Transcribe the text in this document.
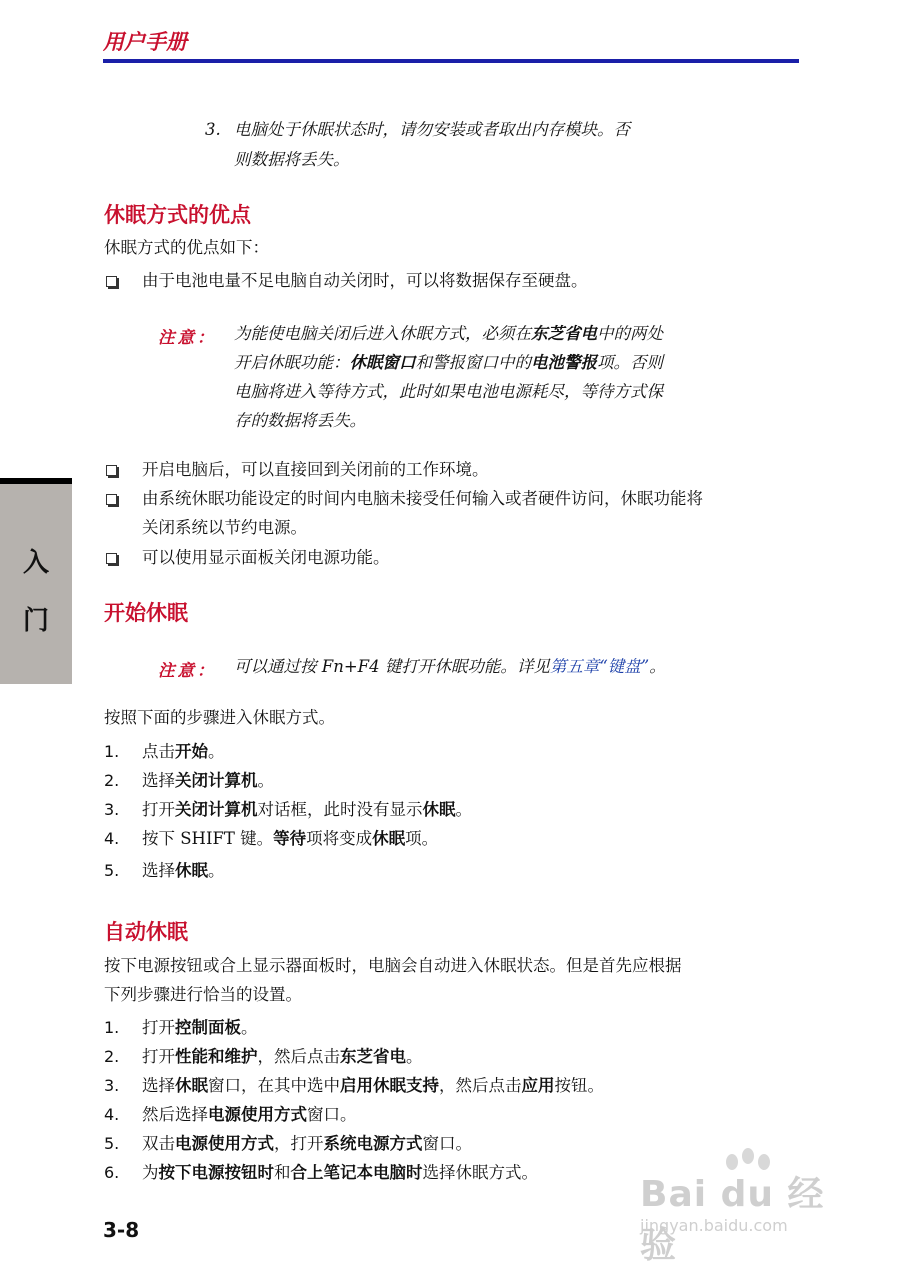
用户手册
入
门
3. 电脑处于休眠状态时，请勿安装或者取出内存模块。否
则数据将丢失。
休眠方式的优点
休眠方式的优点如下：
由于电池电量不足电脑自动关闭时，可以将数据保存至硬盘。
注意： 为能使电脑关闭后进入休眠方式，必须在东芝省电中的两处
开启休眠功能：休眠窗口和警报窗口中的电池警报项。否则
电脑将进入等待方式，此时如果电池电源耗尽，等待方式保
存的数据将丢失。
开启电脑后，可以直接回到关闭前的工作环境。
由系统休眠功能设定的时间内电脑未接受任何输入或者硬件访问，休眠功能将
关闭系统以节约电源。
可以使用显示面板关闭电源功能。
开始休眠
注意： 可以通过按 Fn+F4 键打开休眠功能。详见第五章“键盘”。
按照下面的步骤进入休眠方式。
1. 点击开始。
2. 选择关闭计算机。
3. 打开关闭计算机对话框，此时没有显示休眠。
4. 按下 SHIFT 键。等待项将变成休眠项。
5. 选择休眠。
自动休眠
按下电源按钮或合上显示器面板时，电脑会自动进入休眠状态。但是首先应根据
下列步骤进行恰当的设置。
1. 打开控制面板。
2. 打开性能和维护，然后点击东芝省电。
3. 选择休眠窗口，在其中选中启用休眠支持，然后点击应用按钮。
4. 然后选择电源使用方式窗口。
5. 双击电源使用方式，打开系统电源方式窗口。
6. 为按下电源按钮时和合上笔记本电脑时选择休眠方式。
3-8
Bai du 经验
jingyan.baidu.com
